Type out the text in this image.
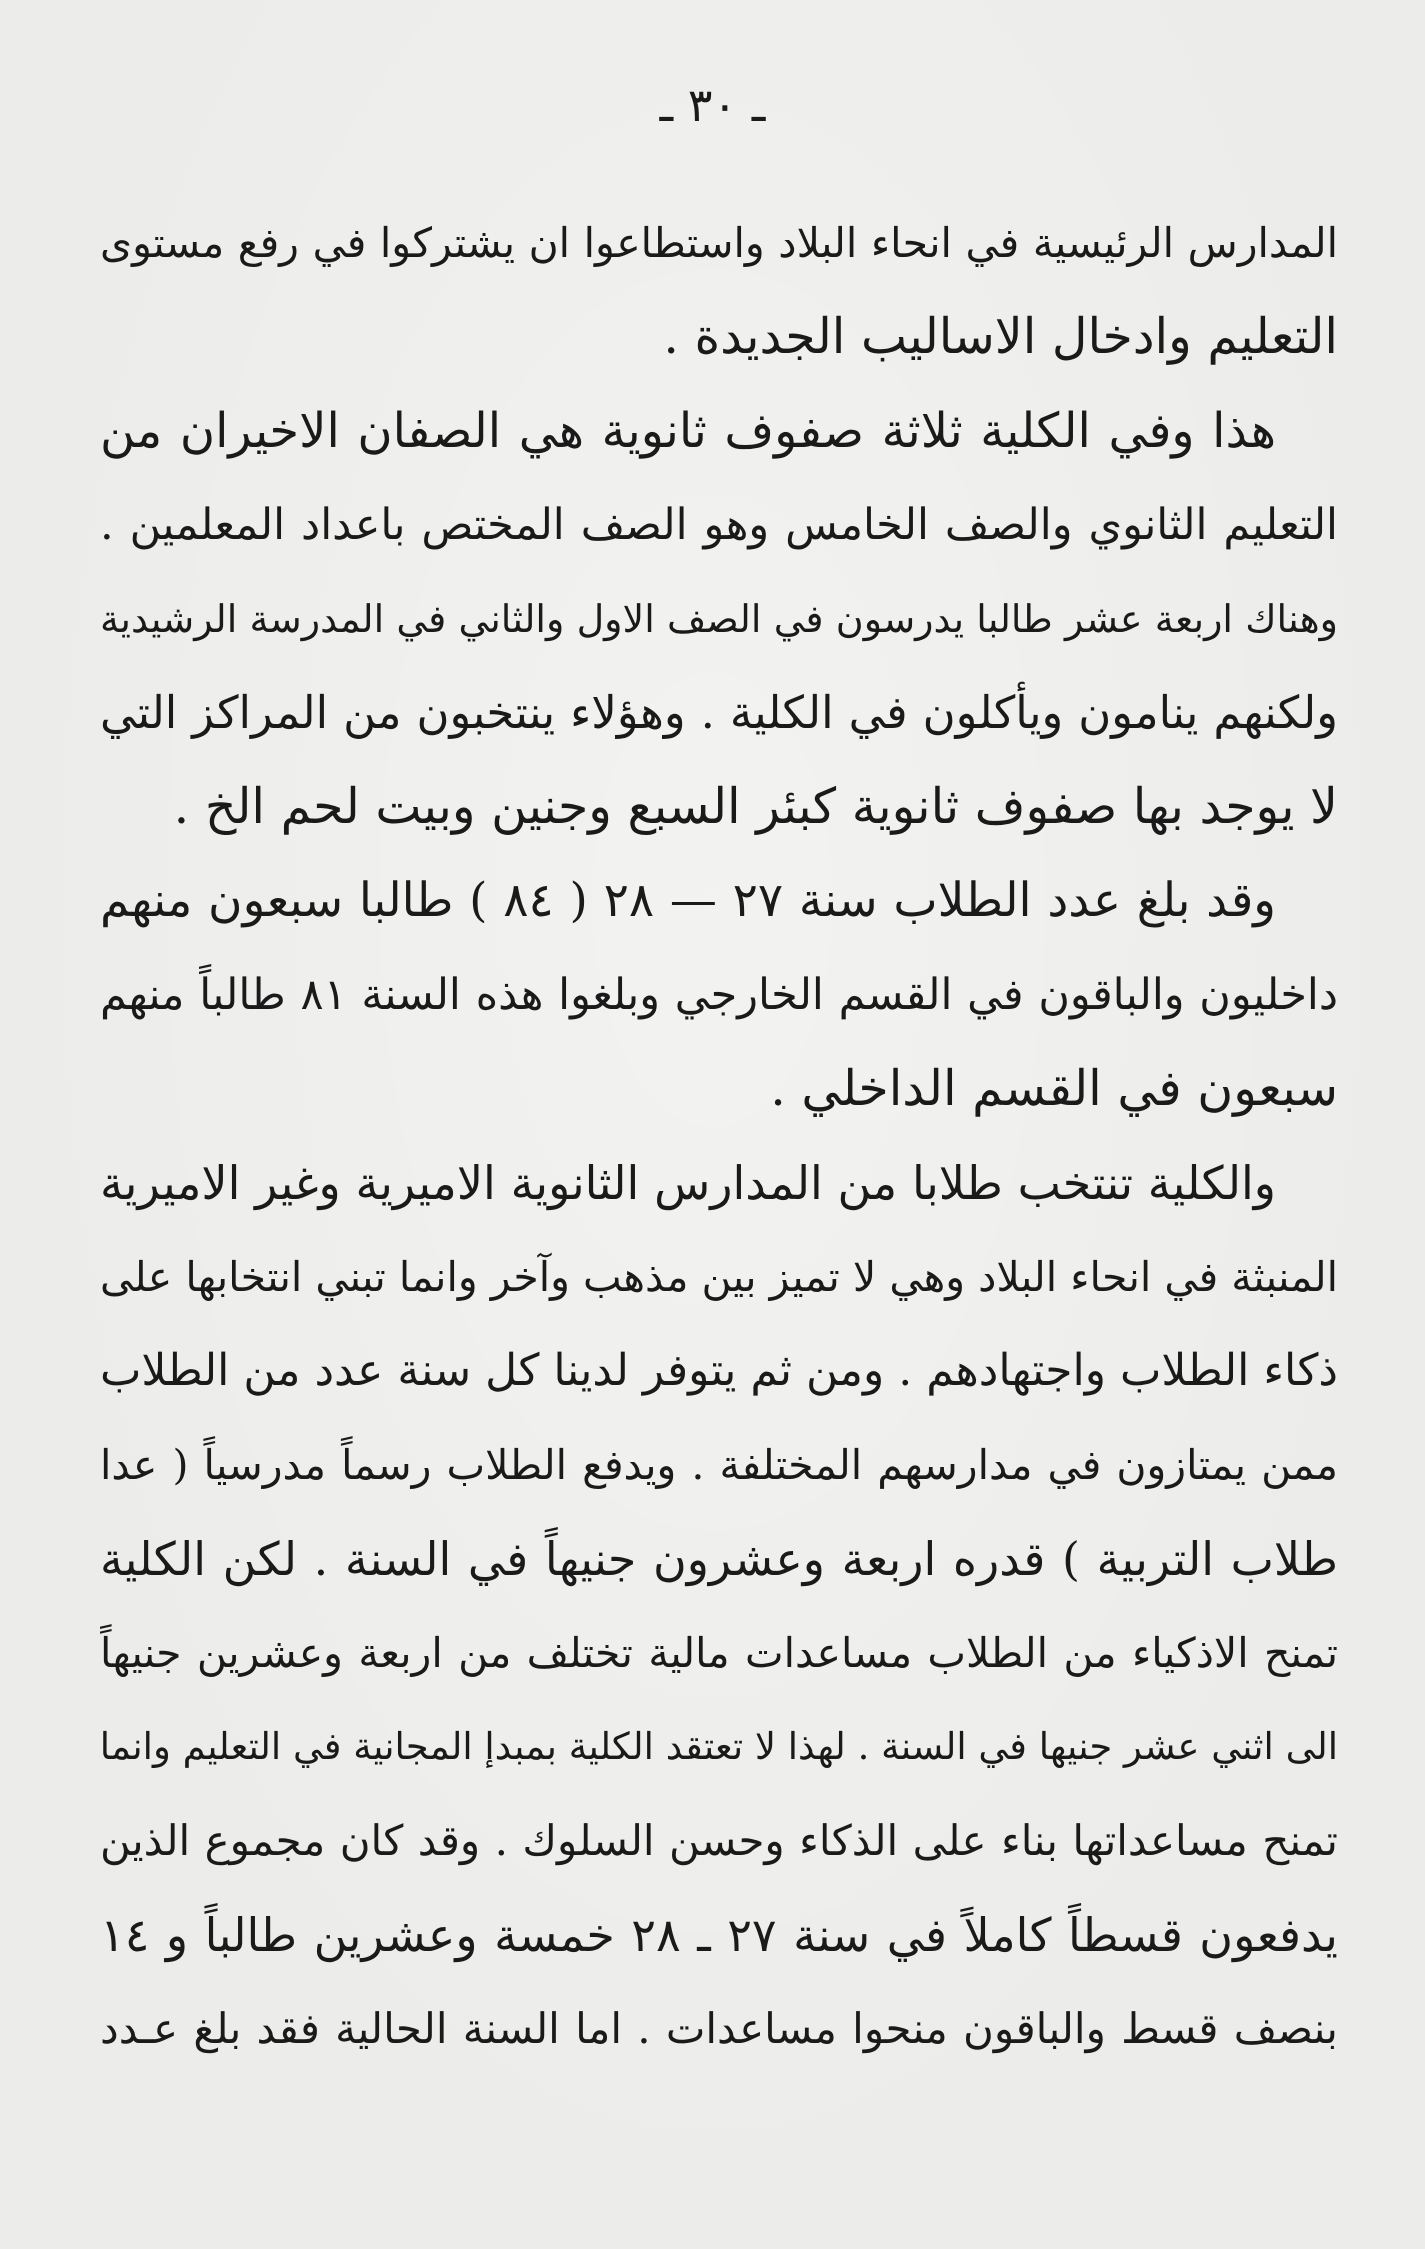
ـ ٣٠ ـ
المدارس الرئيسية في انحاء البلاد واستطاعوا ان يشتركوا في رفع مستوى
التعليم وادخال الاساليب الجديدة .
هذا وفي الكلية ثلاثة صفوف ثانوية هي الصفان الاخيران من
التعليم الثانوي والصف الخامس وهو الصف المختص باعداد المعلمين .
وهناك اربعة عشر طالبا يدرسون في الصف الاول والثاني في المدرسة الرشيدية
ولكنهم ينامون ويأكلون في الكلية . وهؤلاء ينتخبون من المراكز التي
لا يوجد بها صفوف ثانوية كبئر السبع وجنين وبيت لحم الخ .
وقد بلغ عدد الطلاب سنة ٢٧ — ٢٨ ( ٨٤ ) طالبا سبعون منهم
داخليون والباقون في القسم الخارجي وبلغوا هذه السنة ٨١ طالباً منهم
سبعون في القسم الداخلي .
والكلية تنتخب طلابا من المدارس الثانوية الاميرية وغير الاميرية
المنبثة في انحاء البلاد وهي لا تميز بين مذهب وآخر وانما تبني انتخابها على
ذكاء الطلاب واجتهادهم . ومن ثم يتوفر لدينا كل سنة عدد من الطلاب
ممن يمتازون في مدارسهم المختلفة . ويدفع الطلاب رسماً مدرسياً ( عدا
طلاب التربية ) قدره اربعة وعشرون جنيهاً في السنة . لكن الكلية
تمنح الاذكياء من الطلاب مساعدات مالية تختلف من اربعة وعشرين جنيهاً
الى اثني عشر جنيها في السنة . لهذا لا تعتقد الكلية بمبدإ المجانية في التعليم وانما
تمنح مساعداتها بناء على الذكاء وحسن السلوك . وقد كان مجموع الذين
يدفعون قسطاً كاملاً في سنة ٢٧ ـ ٢٨ خمسة وعشرين طالباً و ١٤
بنصف قسط والباقون منحوا مساعدات . اما السنة الحالية فقد بلغ عـدد
